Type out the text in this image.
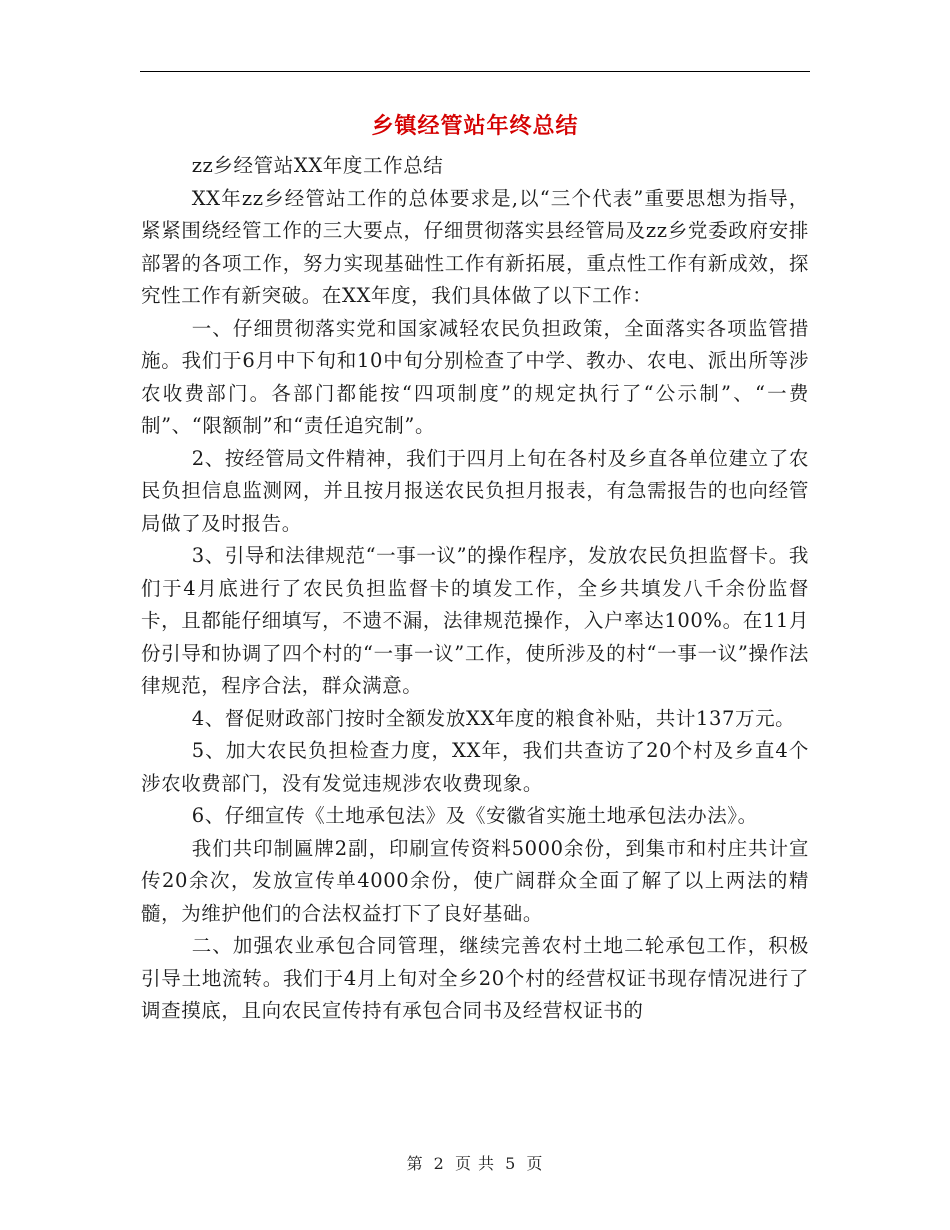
乡镇经管站年终总结

zz乡经管站XX年度工作总结

XX年zz乡经管站工作的总体要求是,以“三个代表”重要思想为指导，紧紧围绕经管工作的三大要点，仔细贯彻落实县经管局及zz乡党委政府安排部署的各项工作，努力实现基础性工作有新拓展，重点性工作有新成效，探究性工作有新突破。在XX年度，我们具体做了以下工作：

一、仔细贯彻落实党和国家减轻农民负担政策，全面落实各项监管措施。我们于6月中下旬和10中旬分别检查了中学、教办、农电、派出所等涉农收费部门。各部门都能按“四项制度”的规定执行了“公示制”、“一费制”、“限额制”和“责任追究制”。

2、按经管局文件精神，我们于四月上旬在各村及乡直各单位建立了农民负担信息监测网，并且按月报送农民负担月报表，有急需报告的也向经管局做了及时报告。

3、引导和法律规范“一事一议”的操作程序，发放农民负担监督卡。我们于4月底进行了农民负担监督卡的填发工作，全乡共填发八千余份监督卡，且都能仔细填写，不遗不漏，法律规范操作，入户率达100%。在11月份引导和协调了四个村的“一事一议”工作，使所涉及的村“一事一议”操作法律规范，程序合法，群众满意。

4、督促财政部门按时全额发放XX年度的粮食补贴，共计137万元。

5、加大农民负担检查力度，XX年，我们共查访了20个村及乡直4个涉农收费部门，没有发觉违规涉农收费现象。

6、仔细宣传《土地承包法》及《安徽省实施土地承包法办法》。

我们共印制匾牌2副，印刷宣传资料5000余份，到集市和村庄共计宣传20余次，发放宣传单4000余份，使广阔群众全面了解了以上两法的精髓，为维护他们的合法权益打下了良好基础。

二、加强农业承包合同管理，继续完善农村土地二轮承包工作，积极引导土地流转。我们于4月上旬对全乡20个村的经营权证书现存情况进行了调查摸底，且向农民宣传持有承包合同书及经营权证书的

第 2 页 共 5 页
